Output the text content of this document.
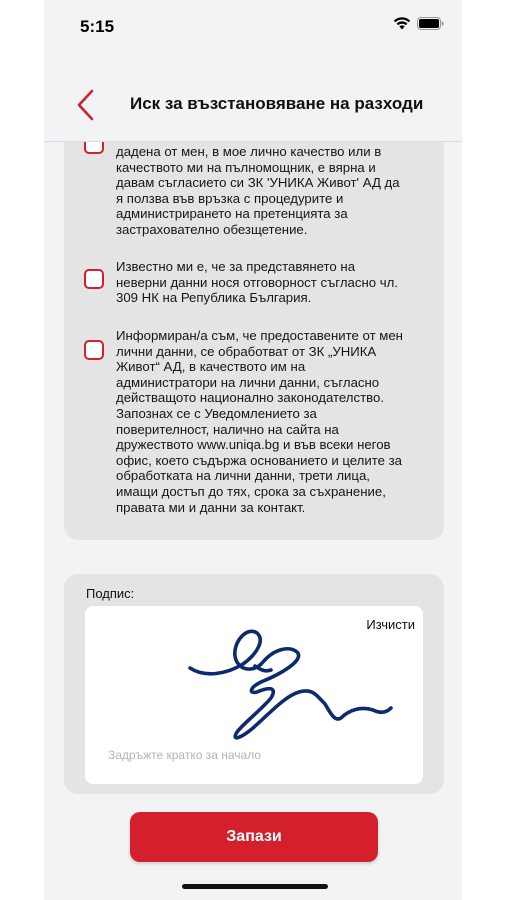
5:15
дадена от мен, в мое лично качество или в
качеството ми на пълномощник, е вярна и
давам съгласието си ЗК 'УНИКА Живот' АД да
я ползва във връзка с процедурите и
администрирането на претенцията за
застрахователно обезщетение.
Известно ми е, че за представянето на
неверни данни нося отговорност съгласно чл.
309 НК на Република България.
Информиран/а съм, че предоставените от мен
лични данни, се обработват от ЗК „УНИКА
Живот“ АД, в качеството им на
администратори на лични данни, съгласно
действащото национално законодателство.
Запознах се с Уведомлението за
поверителност, налично на сайта на
дружеството www.uniqa.bg и във всеки негов
офис, което съдържа основанието и целите за
обработката на лични данни, трети лица,
имащи достъп до тях, срока за съхранение,
правата ми и данни за контакт.
Иск за възстановяване на разходи
Подпис:
Изчисти
Задръжте кратко за начало
Запази
